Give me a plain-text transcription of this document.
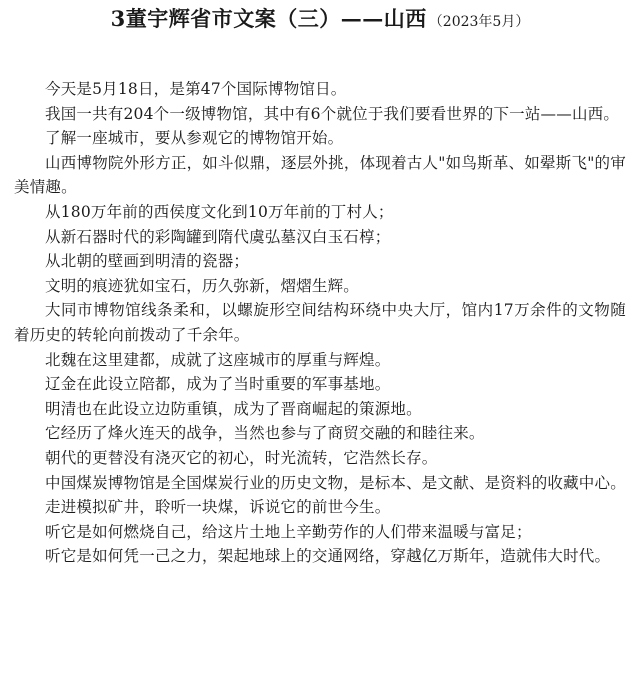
3董宇辉省市文案（三）——山西 （2023年5月）

今天是5月18日，是第47个国际博物馆日。

我国一共有204个一级博物馆，其中有6个就位于我们要看世界的下一站——山西。

了解一座城市，要从参观它的博物馆开始。

山西博物院外形方正，如斗似鼎，逐层外挑，体现着古人"如鸟斯革、如翚斯飞"的审美情趣。

从180万年前的西侯度文化到10万年前的丁村人；

从新石器时代的彩陶罐到隋代虞弘墓汉白玉石椁；

从北朝的壁画到明清的瓷器；

文明的痕迹犹如宝石，历久弥新，熠熠生辉。

大同市博物馆线条柔和，以螺旋形空间结构环绕中央大厅，馆内17万余件的文物随着历史的转轮向前拨动了千余年。

北魏在这里建都，成就了这座城市的厚重与辉煌。

辽金在此设立陪都，成为了当时重要的军事基地。

明清也在此设立边防重镇，成为了晋商崛起的策源地。

它经历了烽火连天的战争，当然也参与了商贸交融的和睦往来。

朝代的更替没有浇灭它的初心，时光流转，它浩然长存。

中国煤炭博物馆是全国煤炭行业的历史文物，是标本、是文献、是资料的收藏中心。

走进模拟矿井，聆听一块煤，诉说它的前世今生。

听它是如何燃烧自己，给这片土地上辛勤劳作的人们带来温暖与富足；

听它是如何凭一己之力，架起地球上的交通网络，穿越亿万斯年，造就伟大时代。
